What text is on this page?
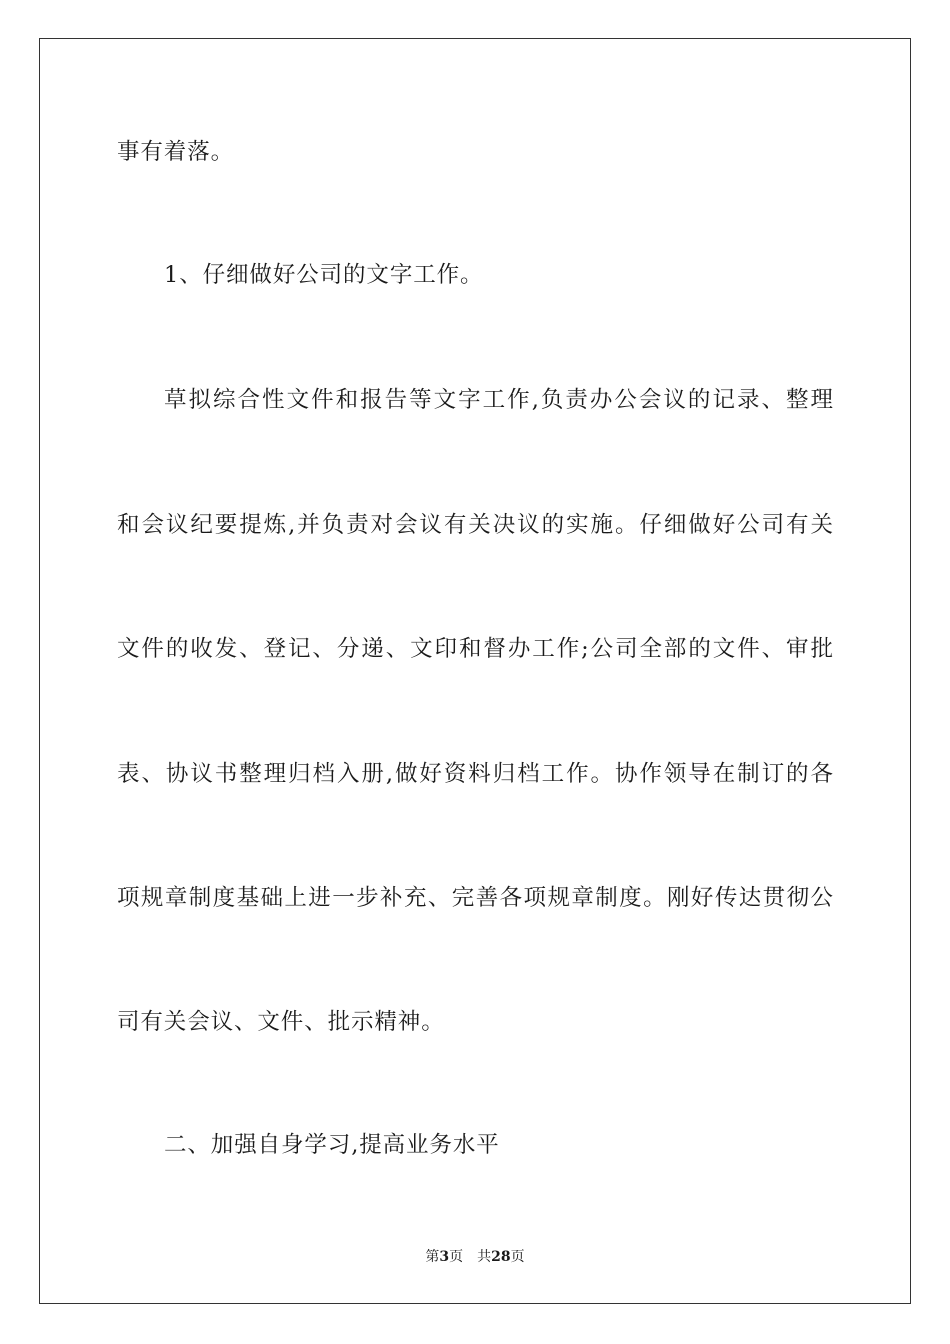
事有着落。
1、仔细做好公司的文字工作。
草拟综合性文件和报告等文字工作,负责办公会议的记录、整理
和会议纪要提炼,并负责对会议有关决议的实施。仔细做好公司有关
文件的收发、登记、分递、文印和督办工作;公司全部的文件、审批
表、协议书整理归档入册,做好资料归档工作。协作领导在制订的各
项规章制度基础上进一步补充、完善各项规章制度。刚好传达贯彻公
司有关会议、文件、批示精神。
二、加强自身学习,提高业务水平
第3页 共28页
